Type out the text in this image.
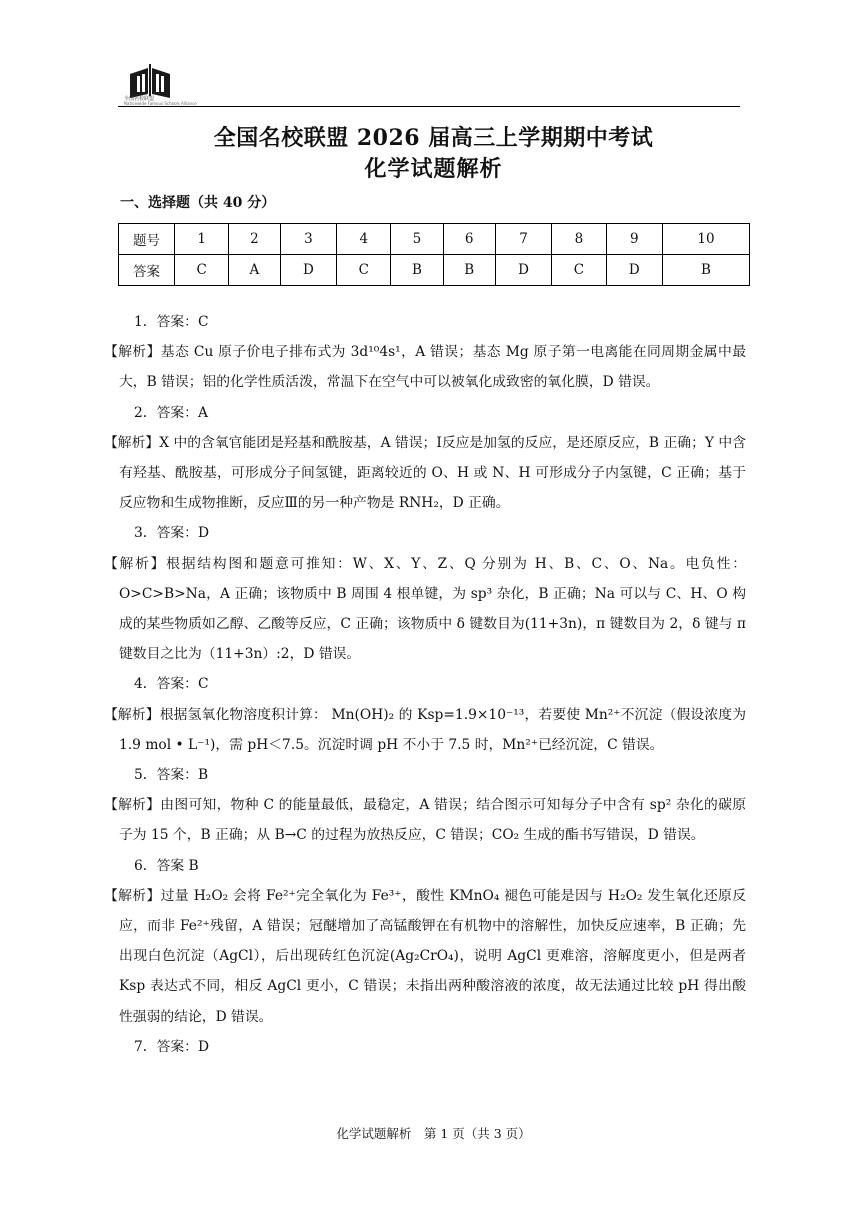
全国名校联盟
Nationwide Famous Schools Alliance
全国名校联盟 2026 届高三上学期期中考试
化学试题解析
一、选择题（共 40 分）
题号	1	2	3	4	5	6	7	8	9	10
答案	C	A	D	C	B	B	D	C	D	B

1．答案：C

【解析】基态 Cu 原子价电子排布式为 3d¹⁰4s¹，A 错误；基态 Mg 原子第一电离能在同周期金属中最大，B 错误；铝的化学性质活泼，常温下在空气中可以被氧化成致密的氧化膜，D 错误。

2．答案：A

【解析】X 中的含氧官能团是羟基和酰胺基，A 错误；Ⅰ反应是加氢的反应，是还原反应，B 正确；Y 中含有羟基、酰胺基，可形成分子间氢键，距离较近的 O、H 或 N、H 可形成分子内氢键，C 正确；基于反应物和生成物推断，反应Ⅲ的另一种产物是 RNH₂，D 正确。

3．答案：D

【解析】根据结构图和题意可推知：W、X、Y、Z、Q 分别为 H、B、C、O、Na。电负性：O>C>B>Na，A 正确；该物质中 B 周围 4 根单键，为 sp³ 杂化，B 正确；Na 可以与 C、H、O 构成的某些物质如乙醇、乙酸等反应，C 正确；该物质中 δ 键数目为(11+3n)，π 键数目为 2，δ 键与 π 键数目之比为（11+3n）:2，D 错误。

4．答案：C

【解析】根据氢氧化物溶度积计算： Mn(OH)₂ 的 Ksp=1.9×10⁻¹³，若要使 Mn²⁺不沉淀（假设浓度为 1.9 mol • L⁻¹)，需 pH＜7.5。沉淀时调 pH 不小于 7.5 时，Mn²⁺已经沉淀，C 错误。

5．答案：B

【解析】由图可知，物种 C 的能量最低，最稳定，A 错误；结合图示可知每分子中含有 sp² 杂化的碳原子为 15 个，B 正确；从 B→C 的过程为放热反应，C 错误；CO₂ 生成的酯书写错误，D 错误。

6．答案 B

【解析】过量 H₂O₂ 会将 Fe²⁺完全氧化为 Fe³⁺，酸性 KMnO₄ 褪色可能是因与 H₂O₂ 发生氧化还原反应，而非 Fe²⁺残留，A 错误；冠醚增加了高锰酸钾在有机物中的溶解性，加快反应速率，B 正确；先出现白色沉淀（AgCl），后出现砖红色沉淀(Ag₂CrO₄)，说明 AgCl 更难溶，溶解度更小，但是两者 Ksp 表达式不同，相反 AgCl 更小，C 错误；未指出两种酸溶液的浓度，故无法通过比较 pH 得出酸性强弱的结论，D 错误。

7．答案：D

化学试题解析　第 1 页（共 3 页）
